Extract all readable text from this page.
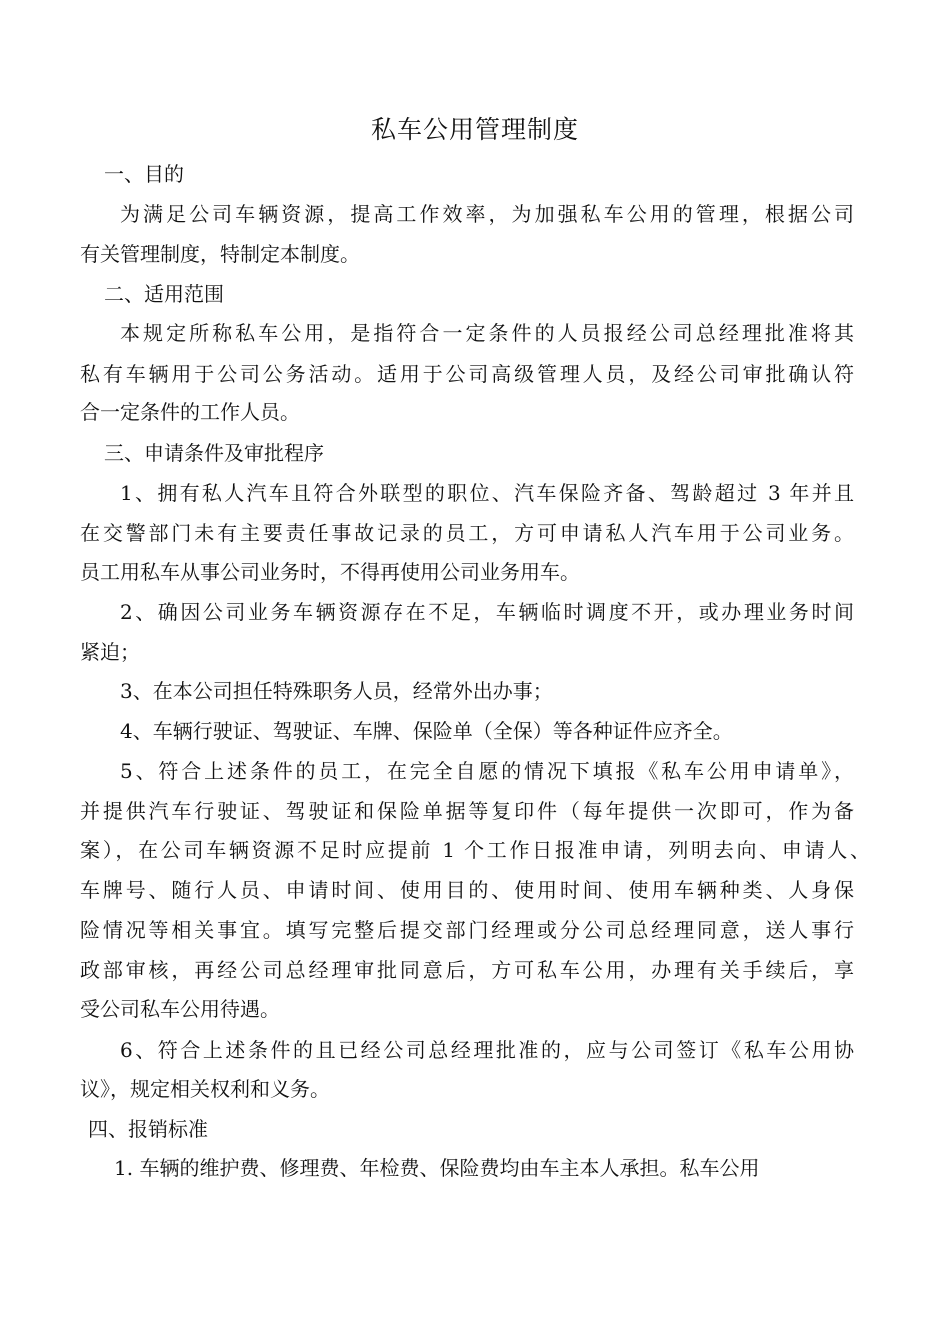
私车公用管理制度
一、目的
为满足公司车辆资源，提高工作效率，为加强私车公用的管理，根据公司
有关管理制度，特制定本制度。
二、适用范围
本规定所称私车公用，是指符合一定条件的人员报经公司总经理批准将其
私有车辆用于公司公务活动。适用于公司高级管理人员，及经公司审批确认符
合一定条件的工作人员。
三、申请条件及审批程序
1、拥有私人汽车且符合外联型的职位、汽车保险齐备、驾龄超过 3 年并且
在交警部门未有主要责任事故记录的员工，方可申请私人汽车用于公司业务。
员工用私车从事公司业务时，不得再使用公司业务用车。
2、确因公司业务车辆资源存在不足，车辆临时调度不开，或办理业务时间
紧迫；
3、在本公司担任特殊职务人员，经常外出办事；
4、车辆行驶证、驾驶证、车牌、保险单（全保）等各种证件应齐全。
5、符合上述条件的员工，在完全自愿的情况下填报《私车公用申请单》，
并提供汽车行驶证、驾驶证和保险单据等复印件（每年提供一次即可，作为备
案），在公司车辆资源不足时应提前 1 个工作日报准申请，列明去向、申请人、
车牌号、随行人员、申请时间、使用目的、使用时间、使用车辆种类、人身保
险情况等相关事宜。填写完整后提交部门经理或分公司总经理同意，送人事行
政部审核，再经公司总经理审批同意后，方可私车公用，办理有关手续后，享
受公司私车公用待遇。
6、符合上述条件的且已经公司总经理批准的，应与公司签订《私车公用协
议》，规定相关权利和义务。
四、报销标准
1. 车辆的维护费、修理费、年检费、保险费均由车主本人承担。私车公用
